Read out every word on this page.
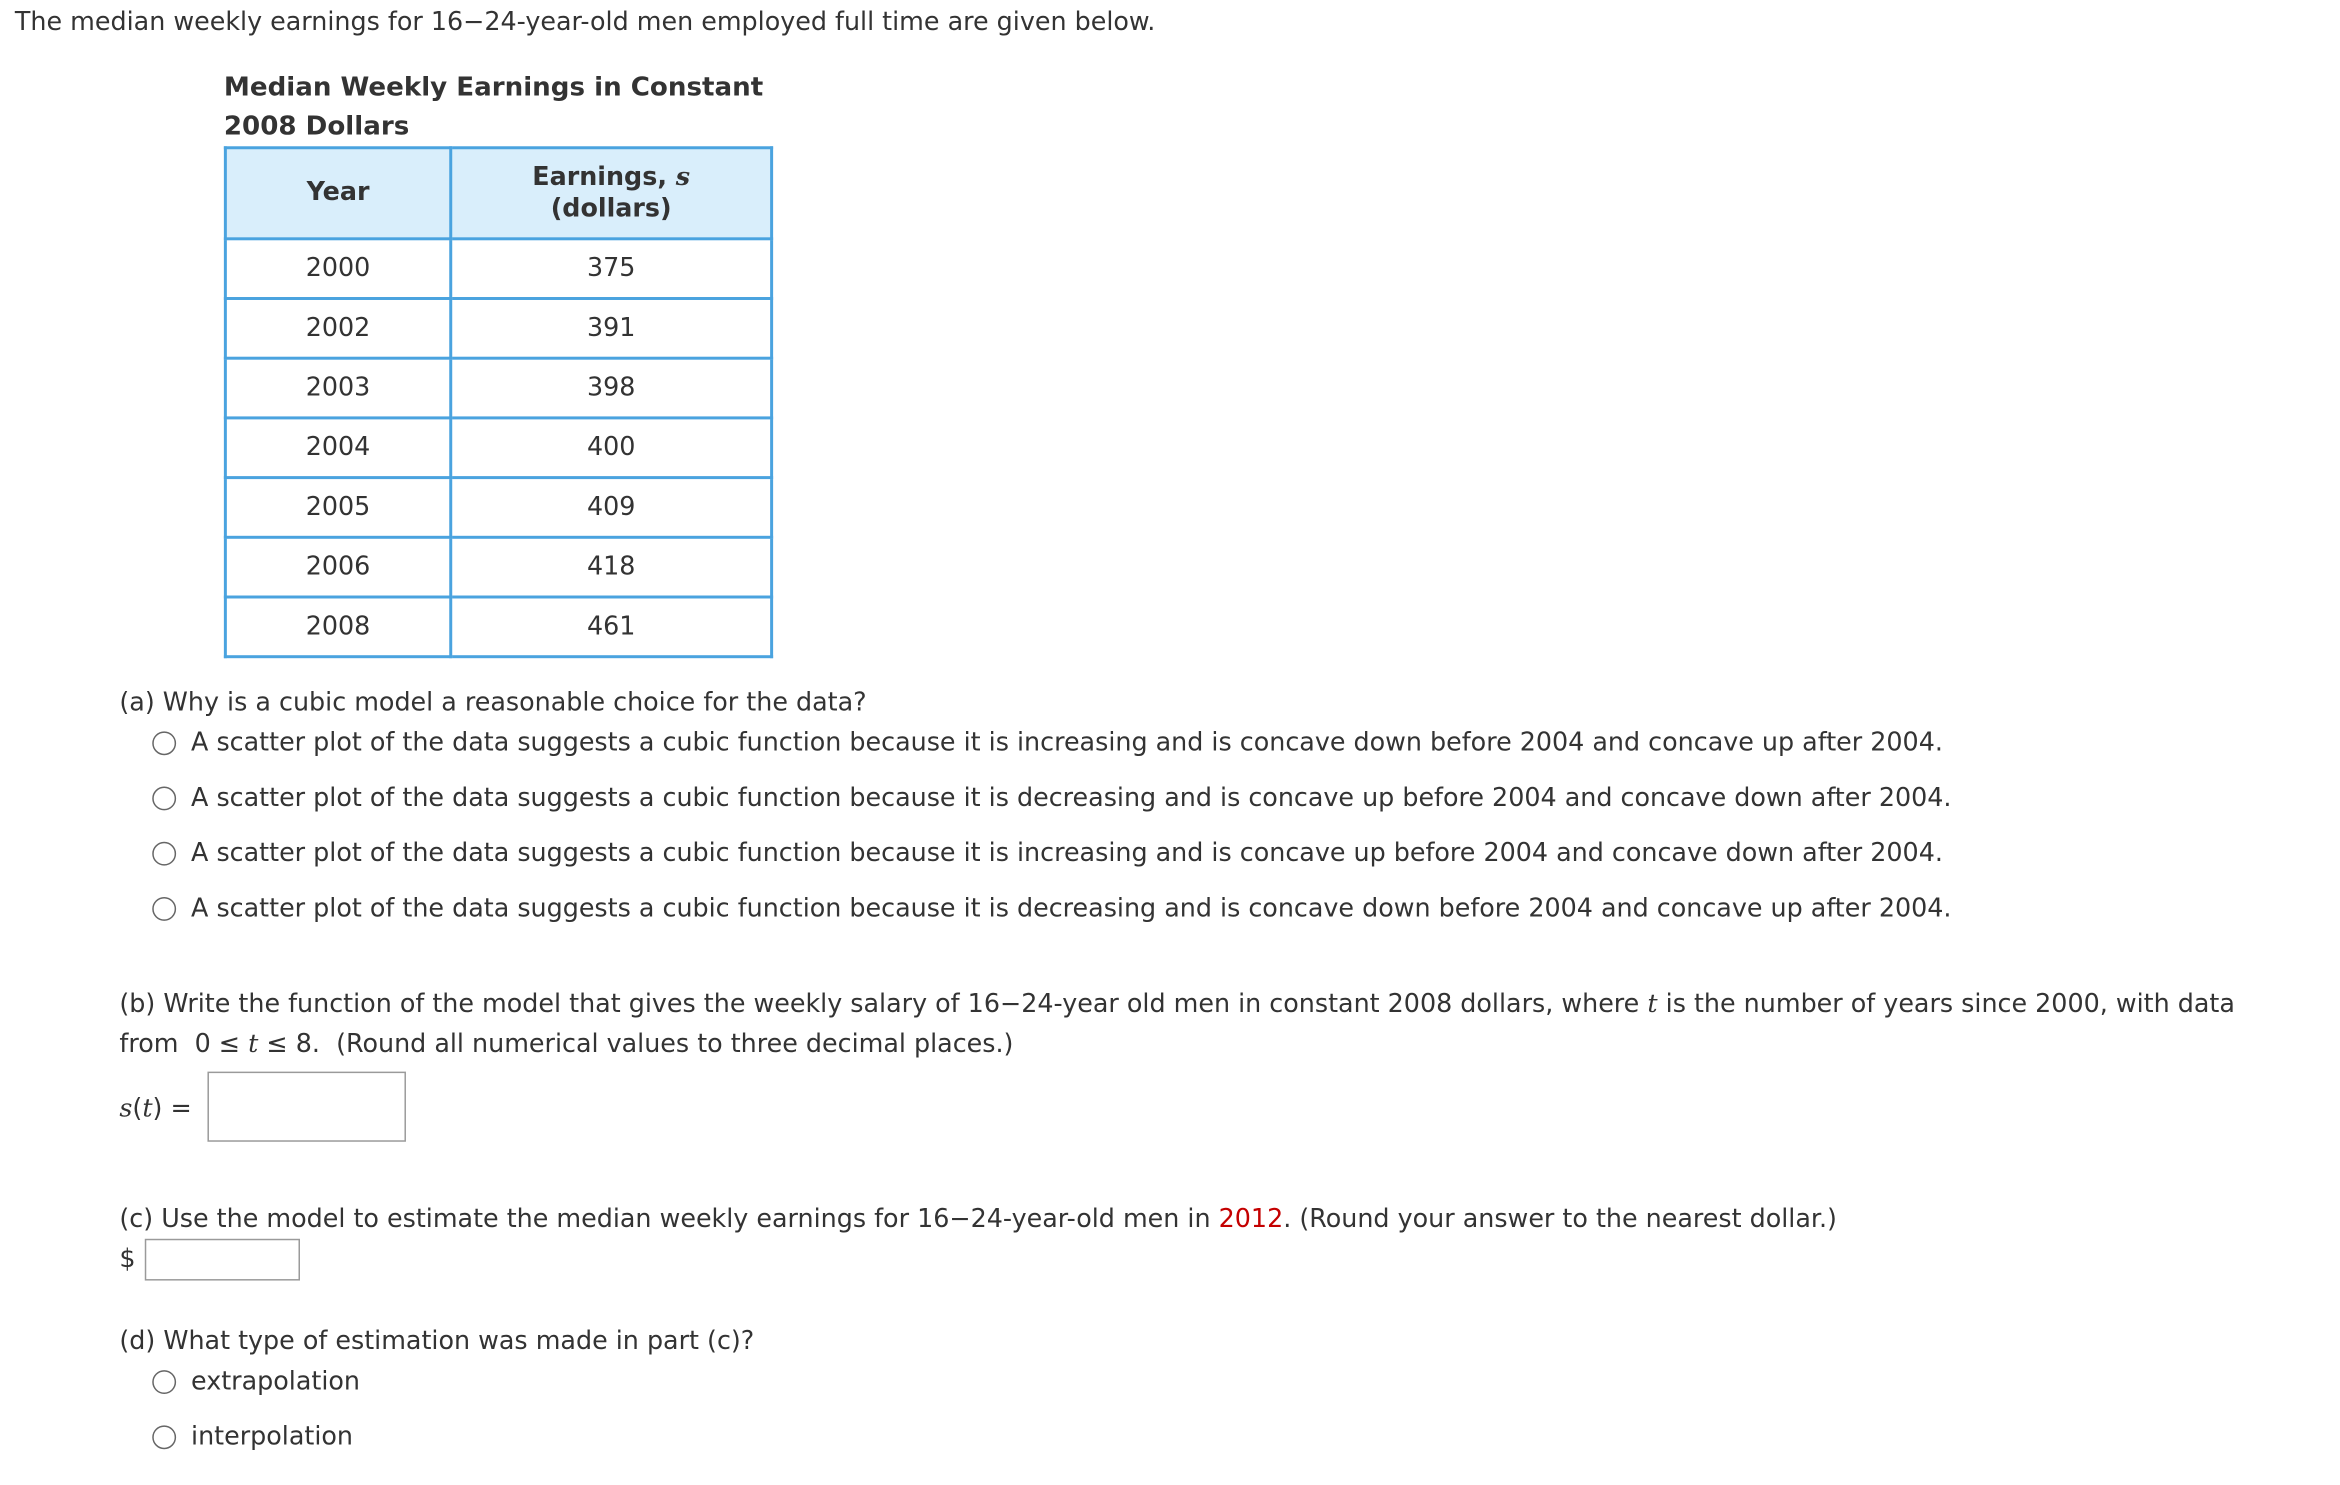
The median weekly earnings for 16−24-year-old men employed full time are given below.
Median Weekly Earnings in Constant
2008 Dollars
Year	Earnings, s
(dollars)
2000	375
2002	391
2003	398
2004	400
2005	409
2006	418
2008	461
(a) Why is a cubic model a reasonable choice for the data?
A scatter plot of the data suggests a cubic function because it is increasing and is concave down before 2004 and concave up after 2004.
A scatter plot of the data suggests a cubic function because it is decreasing and is concave up before 2004 and concave down after 2004.
A scatter plot of the data suggests a cubic function because it is increasing and is concave up before 2004 and concave down after 2004.
A scatter plot of the data suggests a cubic function because it is decreasing and is concave down before 2004 and concave up after 2004.
(b) Write the function of the model that gives the weekly salary of 16−24-year old men in constant 2008 dollars, where t is the number of years since 2000, with data
from  0 ≤ t ≤ 8.  (Round all numerical values to three decimal places.)
s(t) =
(c) Use the model to estimate the median weekly earnings for 16−24-year-old men in 2012. (Round your answer to the nearest dollar.)
$
(d) What type of estimation was made in part (c)?
extrapolation
interpolation
